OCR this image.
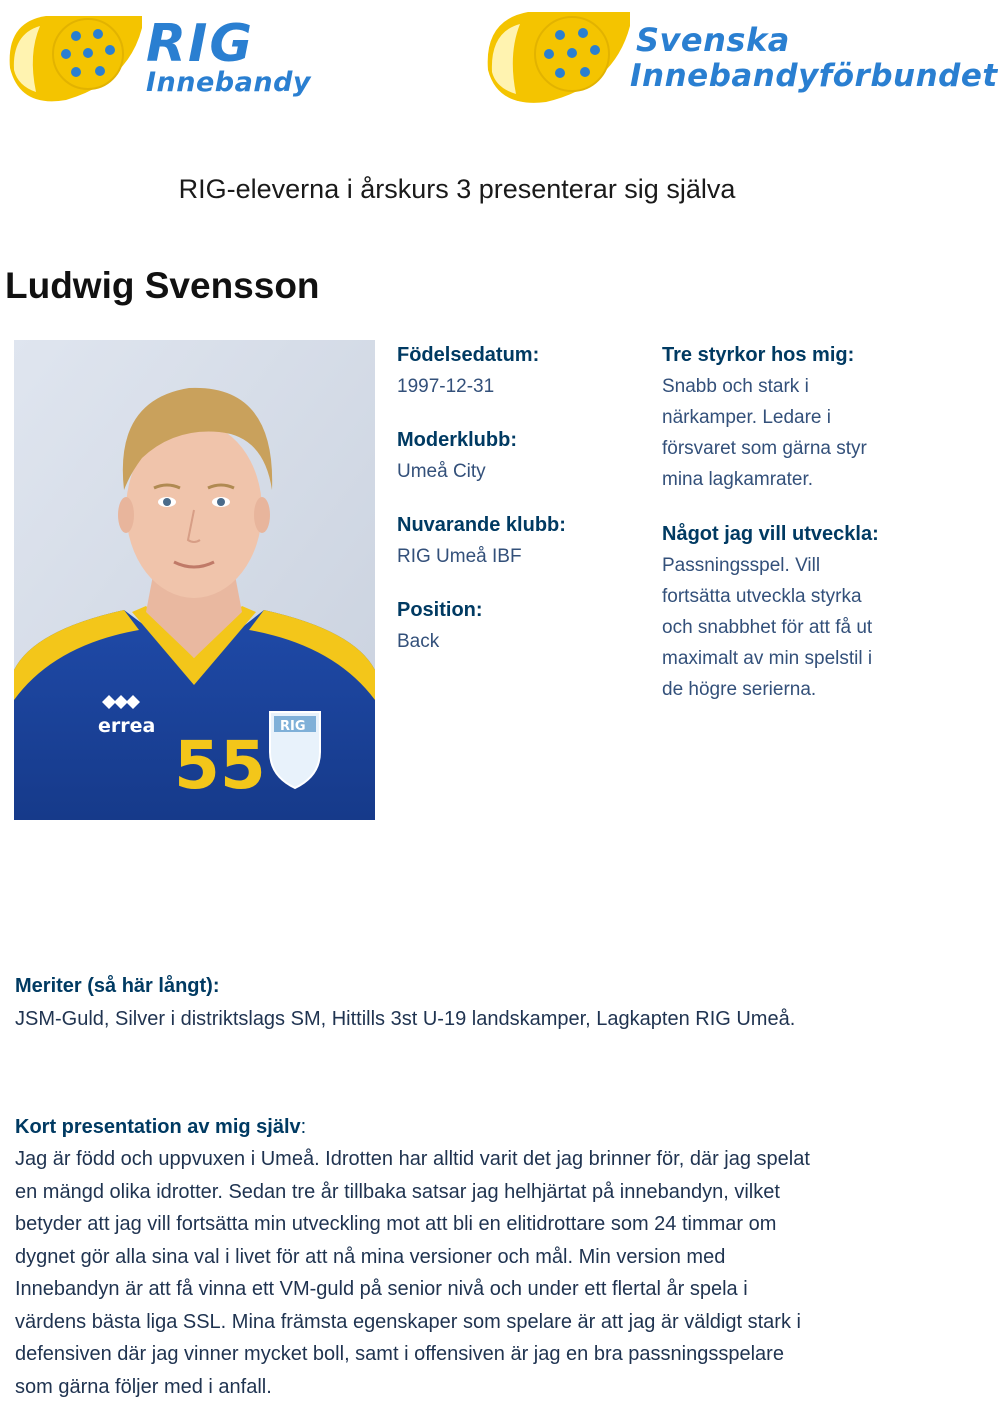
RIG
Innebandy
Svenska
Innebandyförbundet
RIG-eleverna i årskurs 3 presenterar sig själva
Ludwig Svensson
errea
55
RIG
Födelsedatum:
1997-12-31
Moderklubb:
Umeå City
Nuvarande klubb:
RIG Umeå IBF
Position:
Back
Tre styrkor hos mig:
Snabb och stark i
närkamper. Ledare i
försvaret som gärna styr
mina lagkamrater.
Något jag vill utveckla:
Passningsspel. Vill
fortsätta utveckla styrka
och snabbhet för att få ut
maximalt av min spelstil i
de högre serierna.
Meriter (så här långt):
JSM-Guld, Silver i distriktslags SM, Hittills 3st U-19 landskamper, Lagkapten RIG Umeå.
Kort presentation av mig själv:
Jag är född och uppvuxen i Umeå. Idrotten har alltid varit det jag brinner för, där jag spelat
en mängd olika idrotter. Sedan tre år tillbaka satsar jag helhjärtat på innebandyn, vilket
betyder att jag vill fortsätta min utveckling mot att bli en elitidrottare som 24 timmar om
dygnet gör alla sina val i livet för att nå mina versioner och mål. Min version med
Innebandyn är att få vinna ett VM-guld på senior nivå och under ett flertal år spela i
värdens bästa liga SSL. Mina främsta egenskaper som spelare är att jag är väldigt stark i
defensiven där jag vinner mycket boll, samt i offensiven är jag en bra passningsspelare
som gärna följer med i anfall.
